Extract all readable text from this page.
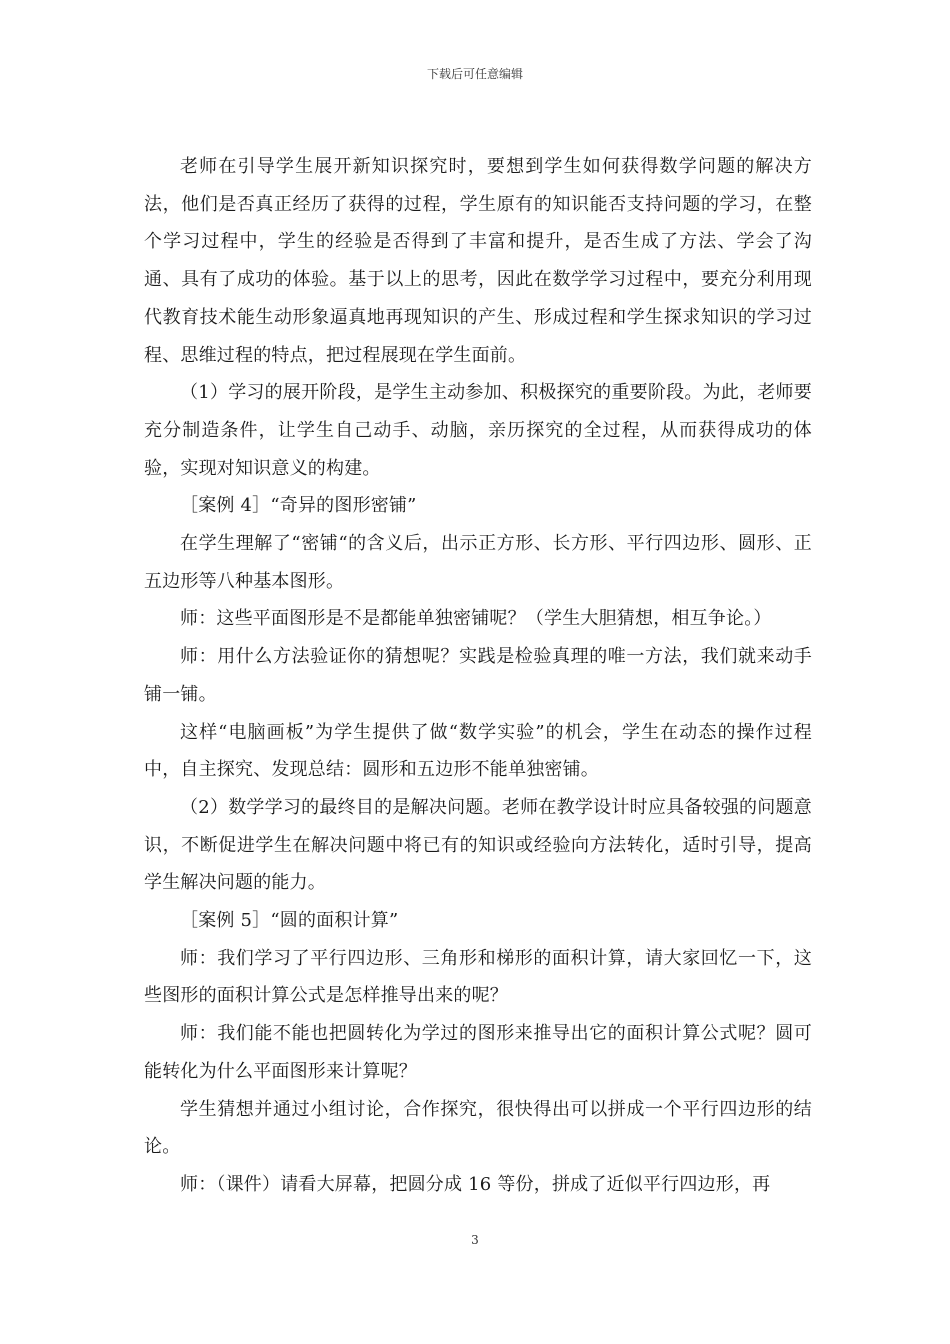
下载后可任意编辑

老师在引导学生展开新知识探究时，要想到学生如何获得数学问题的解决方法，他们是否真正经历了获得的过程，学生原有的知识能否支持问题的学习，在整个学习过程中，学生的经验是否得到了丰富和提升，是否生成了方法、学会了沟通、具有了成功的体验。基于以上的思考，因此在数学学习过程中，要充分利用现代教育技术能生动形象逼真地再现知识的产生、形成过程和学生探求知识的学习过程、思维过程的特点，把过程展现在学生面前。

（1）学习的展开阶段，是学生主动参加、积极探究的重要阶段。为此，老师要充分制造条件，让学生自己动手、动脑，亲历探究的全过程，从而获得成功的体验，实现对知识意义的构建。

［案例 4］“奇异的图形密铺”

在学生理解了“密铺“的含义后，出示正方形、长方形、平行四边形、圆形、正五边形等八种基本图形。

师：这些平面图形是不是都能单独密铺呢？（学生大胆猜想，相互争论。）

师：用什么方法验证你的猜想呢？实践是检验真理的唯一方法，我们就来动手铺一铺。

这样“电脑画板”为学生提供了做“数学实验”的机会，学生在动态的操作过程中，自主探究、发现总结：圆形和五边形不能单独密铺。

（2）数学学习的最终目的是解决问题。老师在教学设计时应具备较强的问题意识，不断促进学生在解决问题中将已有的知识或经验向方法转化，适时引导，提高学生解决问题的能力。

［案例 5］“圆的面积计算”

师：我们学习了平行四边形、三角形和梯形的面积计算，请大家回忆一下，这些图形的面积计算公式是怎样推导出来的呢？

师：我们能不能也把圆转化为学过的图形来推导出它的面积计算公式呢？圆可能转化为什么平面图形来计算呢？

学生猜想并通过小组讨论，合作探究，很快得出可以拼成一个平行四边形的结论。

师：（课件）请看大屏幕，把圆分成 16 等份，拼成了近似平行四边形，再

3
